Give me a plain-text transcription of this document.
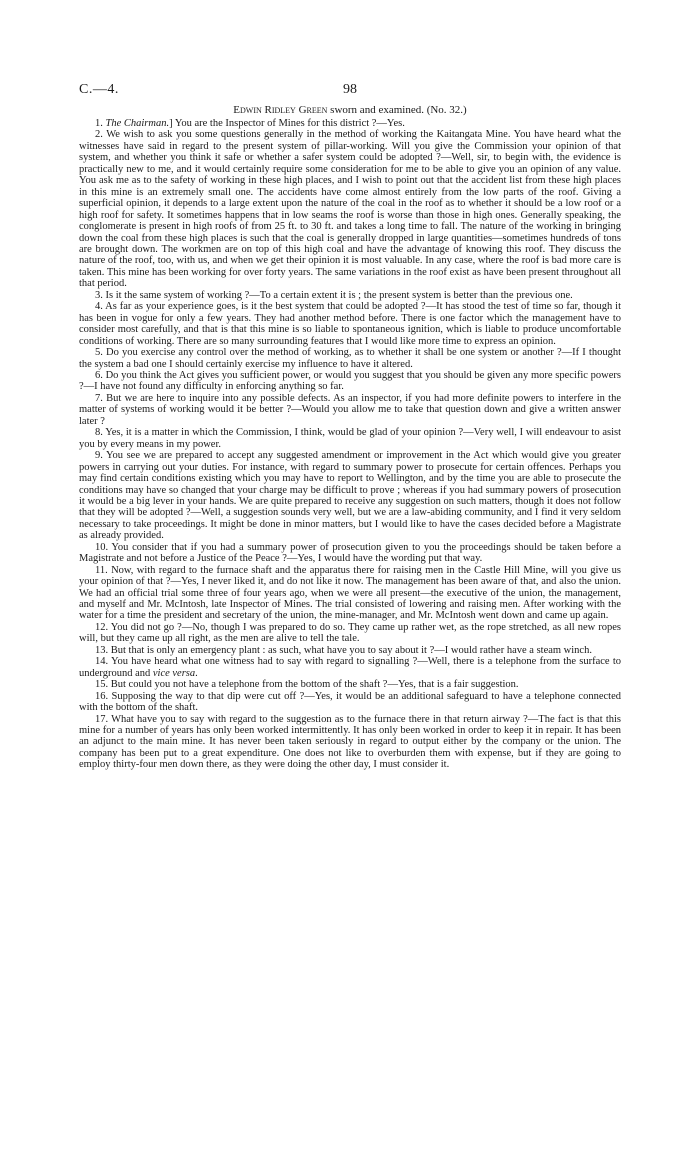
C.—4.	98
Edwin Ridley Green sworn and examined. (No. 32.)

1. The Chairman.] You are the Inspector of Mines for this district ?—Yes.

2. We wish to ask you some questions generally in the method of working the Kaitangata Mine. You have heard what the witnesses have said in regard to the present system of pillar-working. Will you give the Commission your opinion of that system, and whether you think it safe or whether a safer system could be adopted ?—Well, sir, to begin with, the evidence is practically new to me, and it would certainly require some consideration for me to be able to give you an opinion of any value. You ask me as to the safety of working in these high places, and I wish to point out that the accident list from these high places in this mine is an extremely small one. The accidents have come almost entirely from the low parts of the roof. Giving a superficial opinion, it depends to a large extent upon the nature of the coal in the roof as to whether it should be a low roof or a high roof for safety. It sometimes happens that in low seams the roof is worse than those in high ones. Generally speaking, the conglomerate is present in high roofs of from 25 ft. to 30 ft. and takes a long time to fall. The nature of the working in bringing down the coal from these high places is such that the coal is generally dropped in large quantities—sometimes hundreds of tons are brought down. The workmen are on top of this high coal and have the advantage of knowing this roof. They discuss the nature of the roof, too, with us, and when we get their opinion it is most valuable. In any case, where the roof is bad more care is taken. This mine has been working for over forty years. The same variations in the roof exist as have been present throughout all that period.

3. Is it the same system of working ?—To a certain extent it is ; the present system is better than the previous one.

4. As far as your experience goes, is it the best system that could be adopted ?—It has stood the test of time so far, though it has been in vogue for only a few years. They had another method before. There is one factor which the management have to consider most carefully, and that is that this mine is so liable to spontaneous ignition, which is liable to produce uncomfortable conditions of working. There are so many surrounding features that I would like more time to express an opinion.

5. Do you exercise any control over the method of working, as to whether it shall be one system or another ?—If I thought the system a bad one I should certainly exercise my influence to have it altered.

6. Do you think the Act gives you sufficient power, or would you suggest that you should be given any more specific powers ?—I have not found any difficulty in enforcing anything so far.

7. But we are here to inquire into any possible defects. As an inspector, if you had more definite powers to interfere in the matter of systems of working would it be better ?—Would you allow me to take that question down and give a written answer later ?

8. Yes, it is a matter in which the Commission, I think, would be glad of your opinion ?—Very well, I will endeavour to asist you by every means in my power.

9. You see we are prepared to accept any suggested amendment or improvement in the Act which would give you greater powers in carrying out your duties. For instance, with regard to summary power to prosecute for certain offences. Perhaps you may find certain conditions existing which you may have to report to Wellington, and by the time you are able to prosecute the conditions may have so changed that your charge may be difficult to prove ; whereas if you had summary powers of prosecution it would be a big lever in your hands. We are quite prepared to receive any suggestion on such matters, though it does not follow that they will be adopted ?—Well, a suggestion sounds very well, but we are a law-abiding community, and I find it very seldom necessary to take proceedings. It might be done in minor matters, but I would like to have the cases decided before a Magistrate as already provided.

10. You consider that if you had a summary power of prosecution given to you the proceedings should be taken before a Magistrate and not before a Justice of the Peace ?—Yes, I would have the wording put that way.

11. Now, with regard to the furnace shaft and the apparatus there for raising men in the Castle Hill Mine, will you give us your opinion of that ?—Yes, I never liked it, and do not like it now. The management has been aware of that, and also the union. We had an official trial some three of four years ago, when we were all present—the executive of the union, the management, and myself and Mr. McIntosh, late Inspector of Mines. The trial consisted of lowering and raising men. After working with the water for a time the president and secretary of the union, the mine-manager, and Mr. McIntosh went down and came up again.

12. You did not go ?—No, though I was prepared to do so. They came up rather wet, as the rope stretched, as all new ropes will, but they came up all right, as the men are alive to tell the tale.

13. But that is only an emergency plant : as such, what have you to say about it ?—I would rather have a steam winch.

14. You have heard what one witness had to say with regard to signalling ?—Well, there is a telephone from the surface to underground and vice versa.

15. But could you not have a telephone from the bottom of the shaft ?—Yes, that is a fair suggestion.

16. Supposing the way to that dip were cut off ?—Yes, it would be an additional safeguard to have a telephone connected with the bottom of the shaft.

17. What have you to say with regard to the suggestion as to the furnace there in that return airway ?—The fact is that this mine for a number of years has only been worked intermittently. It has only been worked in order to keep it in repair. It has been an adjunct to the main mine. It has never been taken seriously in regard to output either by the company or the union. The company has been put to a great expenditure. One does not like to overburden them with expense, but if they are going to employ thirty-four men down there, as they were doing the other day, I must consider it.
